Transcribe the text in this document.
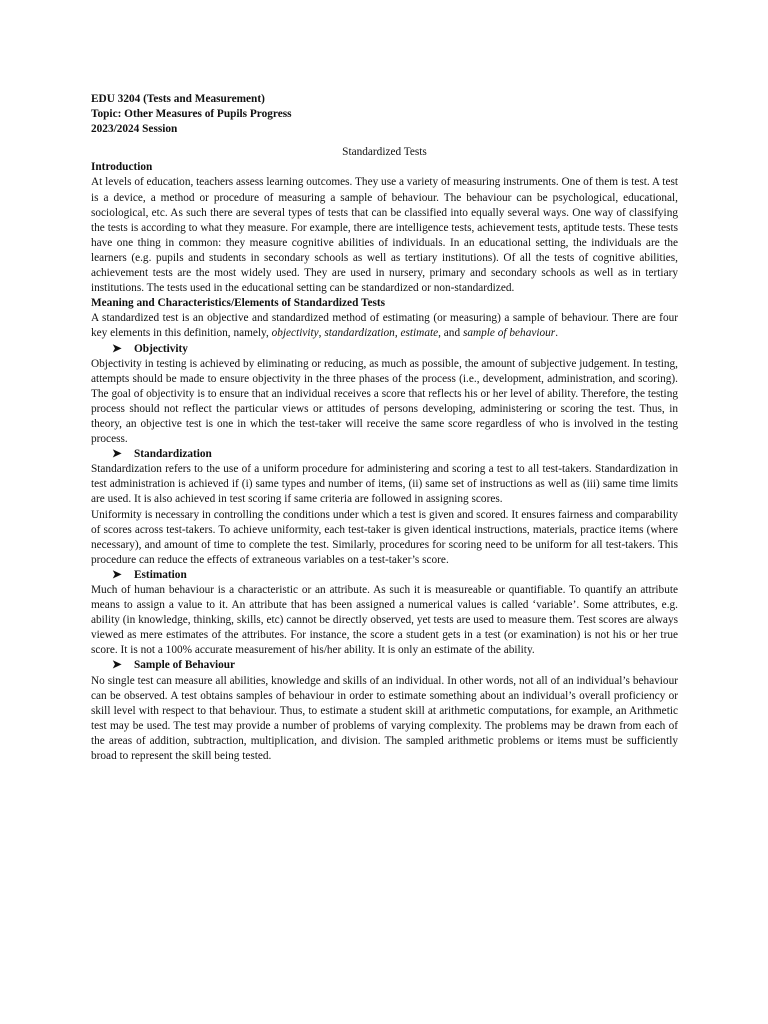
EDU 3204 (Tests and Measurement)

Topic: Other Measures of Pupils Progress

2023/2024 Session

Standardized Tests

Introduction

At levels of education, teachers assess learning outcomes. They use a variety of measuring instruments. One of them is test. A test is a device, a method or procedure of measuring a sample of behaviour. The behaviour can be psychological, educational, sociological, etc. As such there are several types of tests that can be classified into equally several ways. One way of classifying the tests is according to what they measure. For example, there are intelligence tests, achievement tests, aptitude tests. These tests have one thing in common: they measure cognitive abilities of individuals. In an educational setting, the individuals are the learners (e.g. pupils and students in secondary schools as well as tertiary institutions). Of all the tests of cognitive abilities, achievement tests are the most widely used. They are used in nursery, primary and secondary schools as well as in tertiary institutions. The tests used in the educational setting can be standardized or non-standardized.

Meaning and Characteristics/Elements of Standardized Tests

A standardized test is an objective and standardized method of estimating (or measuring) a sample of behaviour. There are four key elements in this definition, namely, objectivity, standardization, estimate, and sample of behaviour.

➤	Objectivity

Objectivity in testing is achieved by eliminating or reducing, as much as possible, the amount of subjective judgement. In testing, attempts should be made to ensure objectivity in the three phases of the process (i.e., development, administration, and scoring). The goal of objectivity is to ensure that an individual receives a score that reflects his or her level of ability. Therefore, the testing process should not reflect the particular views or attitudes of persons developing, administering or scoring the test. Thus, in theory, an objective test is one in which the test-taker will receive the same score regardless of who is involved in the testing process.

➤	Standardization

Standardization refers to the use of a uniform procedure for administering and scoring a test to all test-takers. Standardization in test administration is achieved if (i) same types and number of items, (ii) same set of instructions as well as (iii) same time limits are used. It is also achieved in test scoring if same criteria are followed in assigning scores.

Uniformity is necessary in controlling the conditions under which a test is given and scored. It ensures fairness and comparability of scores across test-takers. To achieve uniformity, each test-taker is given identical instructions, materials, practice items (where necessary), and amount of time to complete the test. Similarly, procedures for scoring need to be uniform for all test-takers. This procedure can reduce the effects of extraneous variables on a test-taker’s score.

➤	Estimation

Much of human behaviour is a characteristic or an attribute. As such it is measureable or quantifiable. To quantify an attribute means to assign a value to it. An attribute that has been assigned a numerical values is called ‘variable’. Some attributes, e.g. ability (in knowledge, thinking, skills, etc) cannot be directly observed, yet tests are used to measure them. Test scores are always viewed as mere estimates of the attributes. For instance, the score a student gets in a test (or examination) is not his or her true score. It is not a 100% accurate measurement of his/her ability. It is only an estimate of the ability.

➤	Sample of Behaviour

No single test can measure all abilities, knowledge and skills of an individual. In other words, not all of an individual’s behaviour can be observed. A test obtains samples of behaviour in order to estimate something about an individual’s overall proficiency or skill level with respect to that behaviour. Thus, to estimate a student skill at arithmetic computations, for example, an Arithmetic test may be used. The test may provide a number of problems of varying complexity. The problems may be drawn from each of the areas of addition, subtraction, multiplication, and division. The sampled arithmetic problems or items must be sufficiently broad to represent the skill being tested.
